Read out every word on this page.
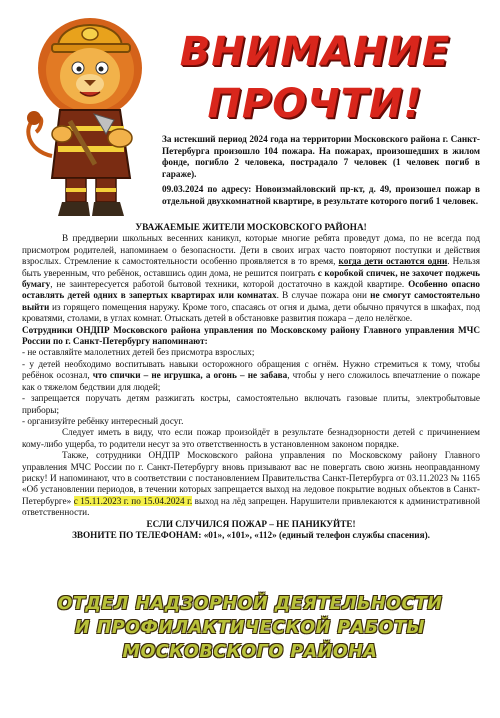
ВНИМАНИЕ
ПРОЧТИ!

За истекший период 2024 года на территории Московского района г. Санкт-Петербурга произошло 104 пожара. На пожарах, произошедших в жилом фонде, погибло 2 человека, пострадало 7 человек (1 человек погиб в гараже).

09.03.2024 по адресу: Новоизмайловский пр-кт, д. 49, произошел пожар в отдельной двухкомнатной квартире, в результате которого погиб 1 человек.

УВАЖАЕМЫЕ ЖИТЕЛИ МОСКОВСКОГО РАЙОНА!

В преддверии школьных весенних каникул, которые многие ребята проведут дома, по не всегда под присмотром родителей, напоминаем о безопасности. Дети в своих играх часто повторяют поступки и действия взрослых. Стремление к самостоятельности особенно проявляется в то время, когда дети остаются одни. Нельзя быть уверенным, что ребёнок, оставшись один дома, не решится поиграть с коробкой спичек, не захочет поджечь бумагу, не заинтересуется работой бытовой техники, которой достаточно в каждой квартире. Особенно опасно оставлять детей одних в запертых квартирах или комнатах. В случае пожара они не смогут самостоятельно выйти из горящего помещения наружу. Кроме того, спасаясь от огня и дыма, дети обычно прячутся в шкафах, под кроватями, столами, в углах комнат. Отыскать детей в обстановке развития пожара – дело нелёгкое.

Сотрудники ОНДПР Московского района управления по Московскому району Главного управления МЧС России по г. Санкт-Петербургу напоминают:

- не оставляйте малолетних детей без присмотра взрослых;

- у детей необходимо воспитывать навыки осторожного обращения с огнём. Нужно стремиться к тому, чтобы ребёнок осознал, что спички – не игрушка, а огонь – не забава, чтобы у него сложилось впечатление о пожаре как о тяжелом бедствии для людей;

- запрещается поручать детям разжигать костры, самостоятельно включать газовые плиты, электробытовые приборы;

- организуйте ребёнку интересный досуг.

Следует иметь в виду, что если пожар произойдёт в результате безнадзорности детей с причинением кому-либо ущерба, то родители несут за это ответственность в установленном законом порядке.

Также, сотрудники ОНДПР Московского района управления по Московскому району Главного управления МЧС России по г. Санкт-Петербургу вновь призывают вас не повергать свою жизнь неоправданному риску! И напоминают, что в соответствии с постановлением Правительства Санкт-Петербурга от 03.11.2023 № 1165 «Об установлении периодов, в течении которых запрещается выход на ледовое покрытие водных объектов в Санкт-Петербурге» с 15.11.2023 г. по 15.04.2024 г. выход на лёд запрещен. Нарушители привлекаются к административной ответственности.

ЕСЛИ СЛУЧИЛСЯ ПОЖАР – НЕ ПАНИКУЙТЕ!

ЗВОНИТЕ ПО ТЕЛЕФОНАМ: «01», «101», «112» (единый телефон службы спасения).

ОТДЕЛ НАДЗОРНОЙ ДЕЯТЕЛЬНОСТИ
И ПРОФИЛАКТИЧЕСКОЙ РАБОТЫ
МОСКОВСКОГО РАЙОНА
